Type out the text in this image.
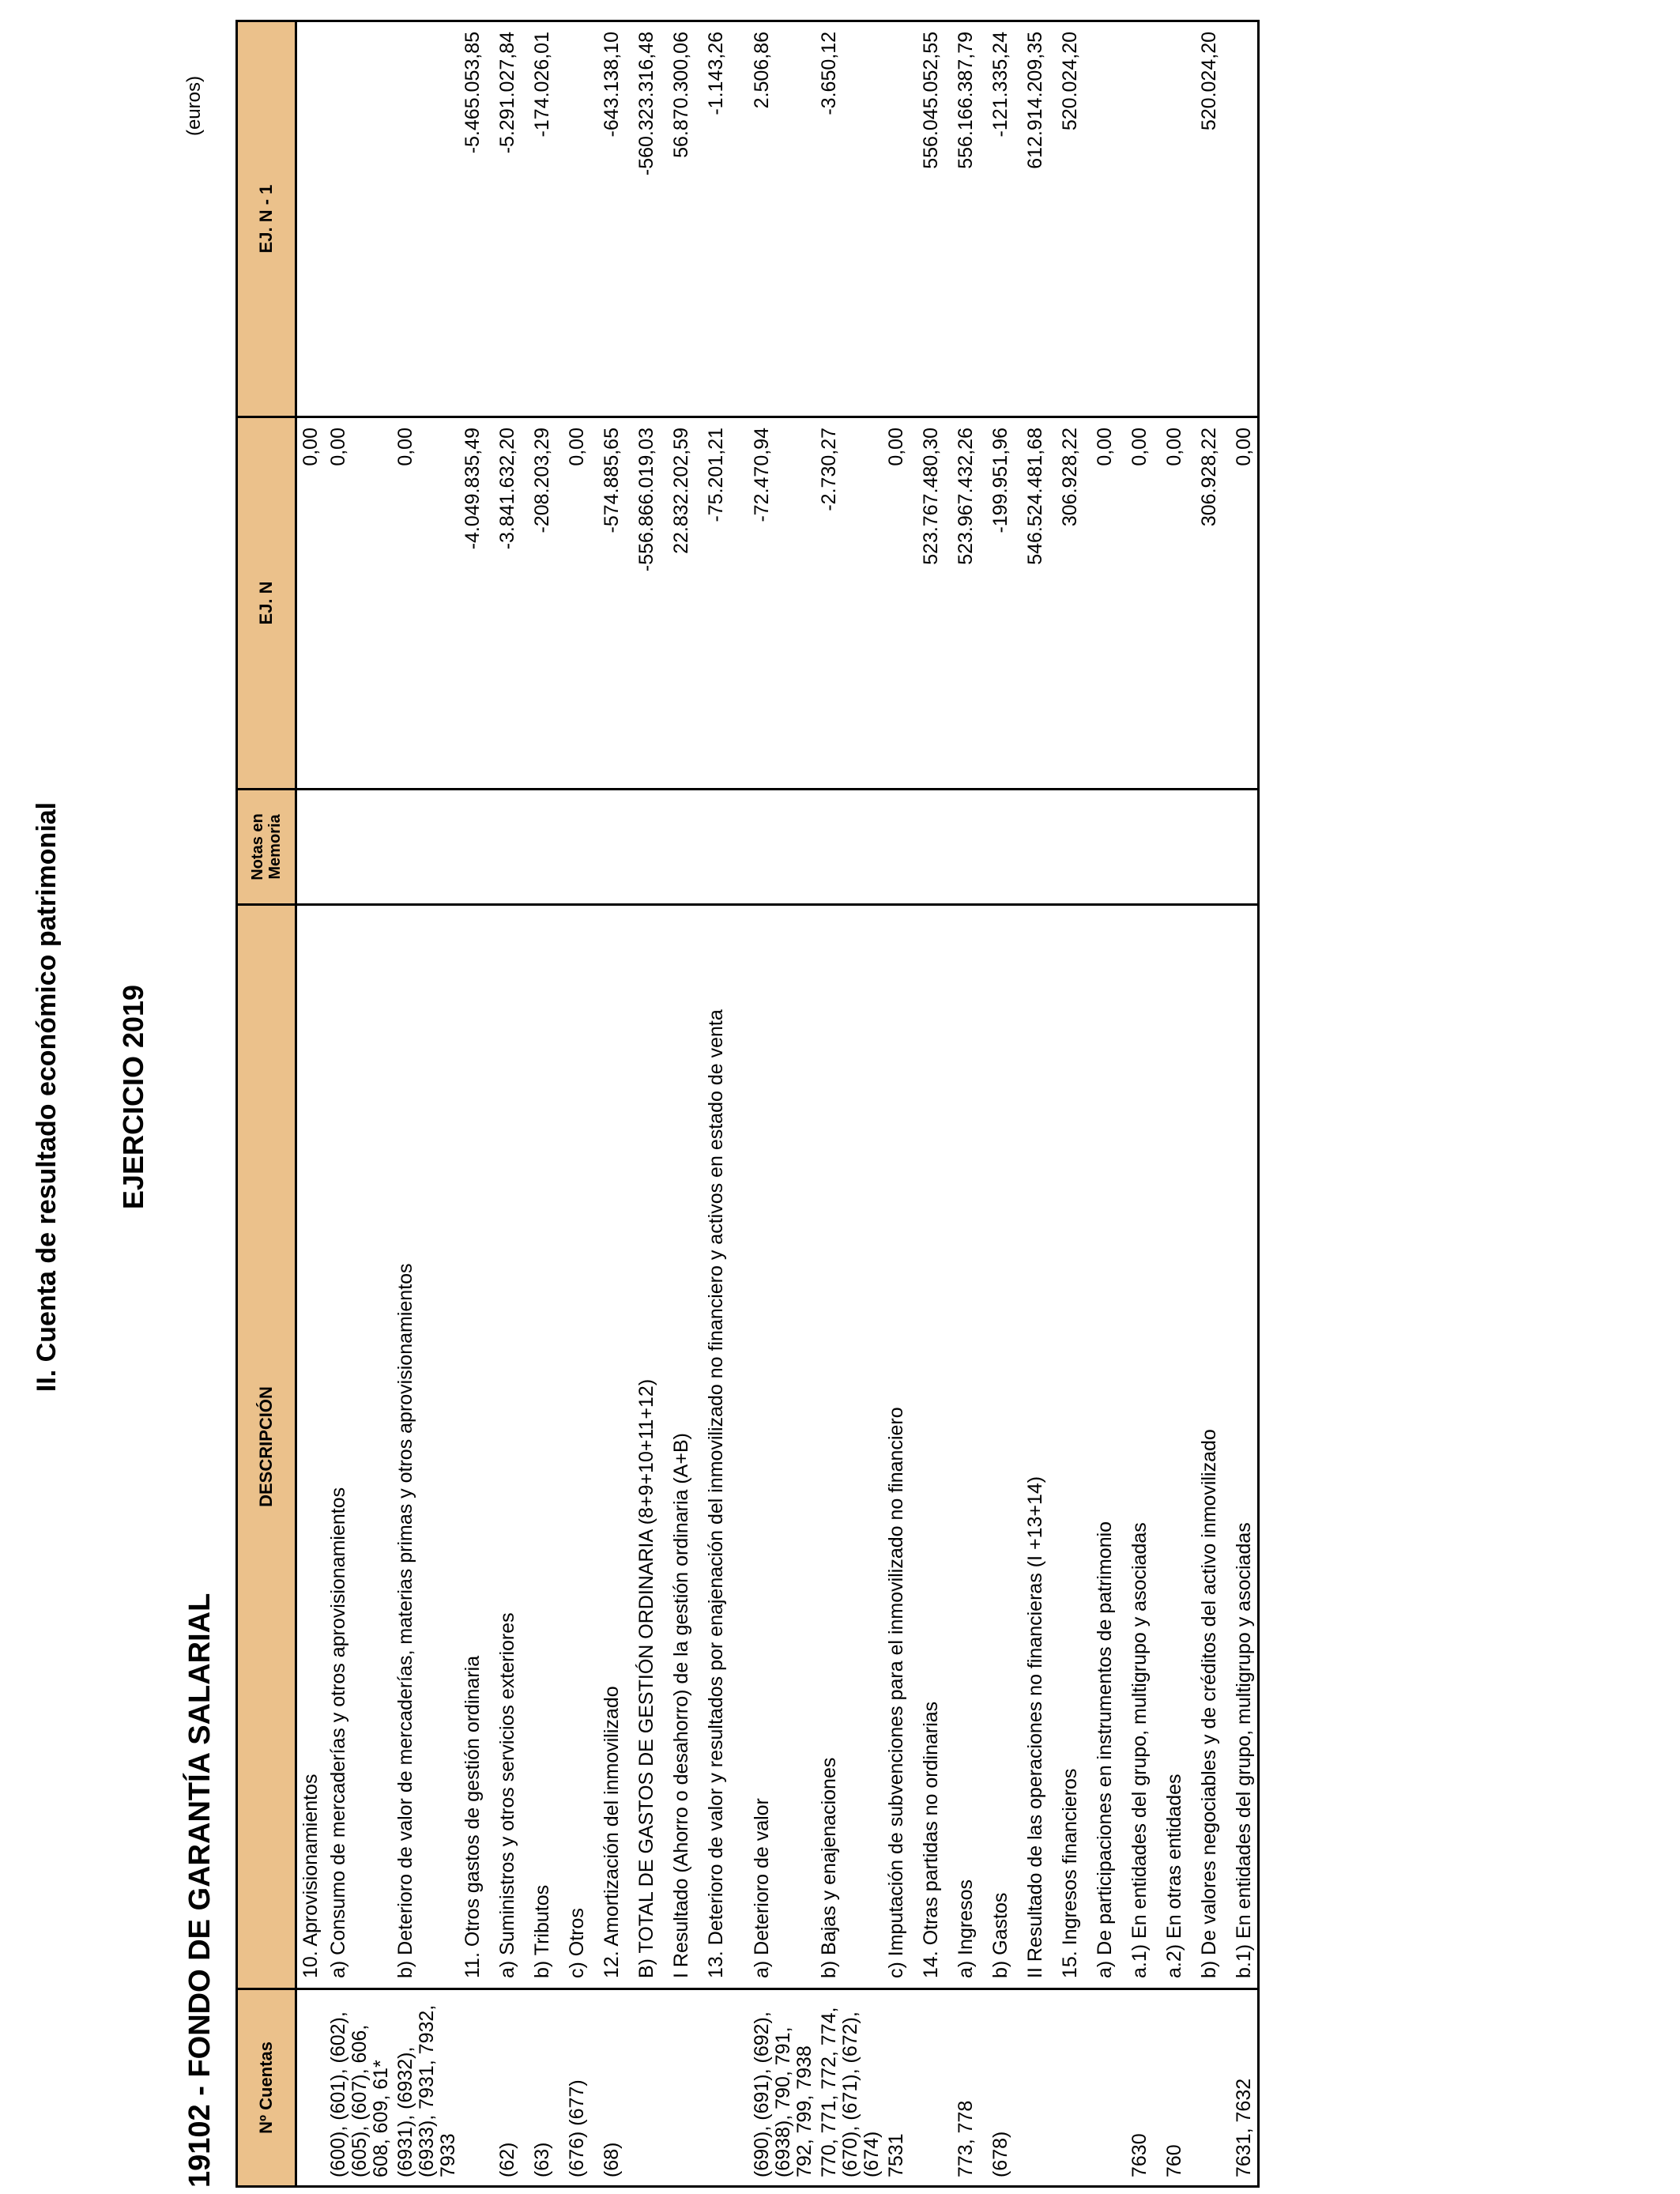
II. Cuenta de resultado económico patrimonial EJERCICIO 2019
19102 - FONDO DE GARANTÍA SALARIAL
(euros)
Nº Cuentas	DESCRIPCIÓN	Notas en Memoria	EJ. N	EJ. N - 1
	10. Aprovisionamientos		0,00	
(600), (601), (602), (605), (607), 606, 608, 609, 61*	a) Consumo de mercaderías y otros aprovisionamientos		0,00	
(6931), (6932), (6933), 7931, 7932, 7933	b) Deterioro de valor de mercaderías, materias primas y otros aprovisionamientos		0,00	
	11. Otros gastos de gestión ordinaria		-4.049.835,49	-5.465.053,85
(62)	a) Suministros y otros servicios exteriores		-3.841.632,20	-5.291.027,84
(63)	b) Tributos		-208.203,29	-174.026,01
(676) (677)	c) Otros		0,00	
(68)	12. Amortización del inmovilizado		-574.885,65	-643.138,10
	B) TOTAL DE GASTOS DE GESTIÓN ORDINARIA (8+9+10+11+12)		-556.866.019,03	-560.323.316,48
	I Resultado (Ahorro o desahorro) de la gestión ordinaria (A+B)		22.832.202,59	56.870.300,06
	13. Deterioro de valor y resultados por enajenación del inmovilizado no financiero y activos en estado de venta		-75.201,21	-1.143,26
(690), (691), (692), (6938), 790, 791, 792, 799, 7938	a) Deterioro de valor		-72.470,94	2.506,86
770, 771, 772, 774, (670), (671), (672), (674)	b) Bajas y enajenaciones		-2.730,27	-3.650,12
7531	c) Imputación de subvenciones para el inmovilizado no financiero		0,00	
	14. Otras partidas no ordinarias		523.767.480,30	556.045.052,55
773, 778	a) Ingresos		523.967.432,26	556.166.387,79
(678)	b) Gastos		-199.951,96	-121.335,24
	II Resultado de las operaciones no financieras (I +13+14)		546.524.481,68	612.914.209,35
	15. Ingresos financieros		306.928,22	520.024,20
	a) De participaciones en instrumentos de patrimonio		0,00	
7630	a.1) En entidades del grupo, multigrupo y asociadas		0,00	
760	a.2) En otras entidades		0,00	
	b) De valores negociables y de créditos del activo inmovilizado		306.928,22	520.024,20
7631, 7632	b.1) En entidades del grupo, multigrupo y asociadas		0,00	
